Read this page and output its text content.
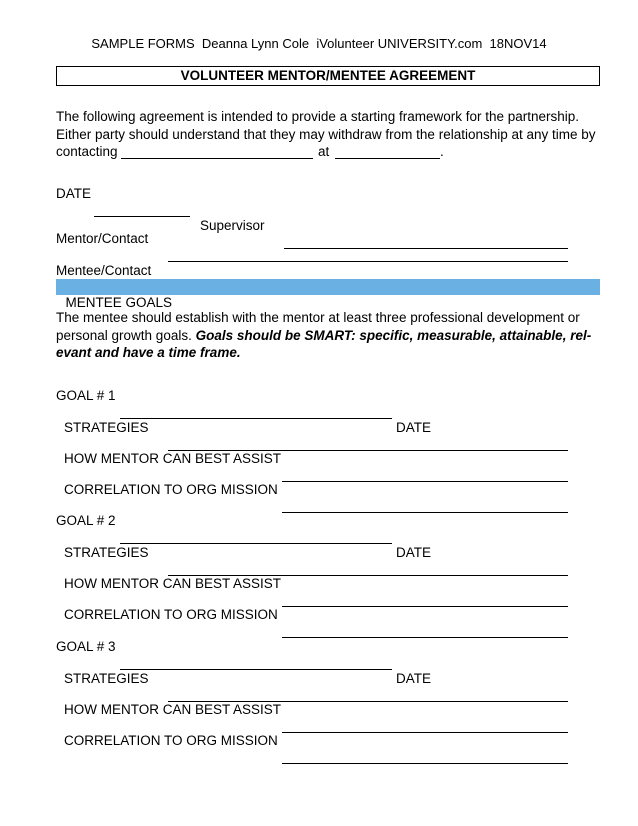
SAMPLE FORMS  Deanna Lynn Cole  iVolunteer UNIVERSITY.com  18NOV14
VOLUNTEER MENTOR/MENTEE AGREEMENT
The following agreement is intended to provide a starting framework for the partnership.
Either party should understand that they may withdraw from the relationship at any time by
contacting	at	.

DATE

Supervisor

Mentor/Contact

Mentee/Contact

MENTEE GOALS

The mentee should establish with the mentor at least three professional development or
personal growth goals. Goals should be SMART: specific, measurable, attainable, rel-
evant and have a time frame.

GOAL # 1

DATE

STRATEGIES

HOW MENTOR CAN BEST ASSIST

CORRELATION TO ORG MISSION

GOAL # 2

DATE

STRATEGIES

HOW MENTOR CAN BEST ASSIST

CORRELATION TO ORG MISSION

GOAL # 3

DATE

STRATEGIES

HOW MENTOR CAN BEST ASSIST

CORRELATION TO ORG MISSION
